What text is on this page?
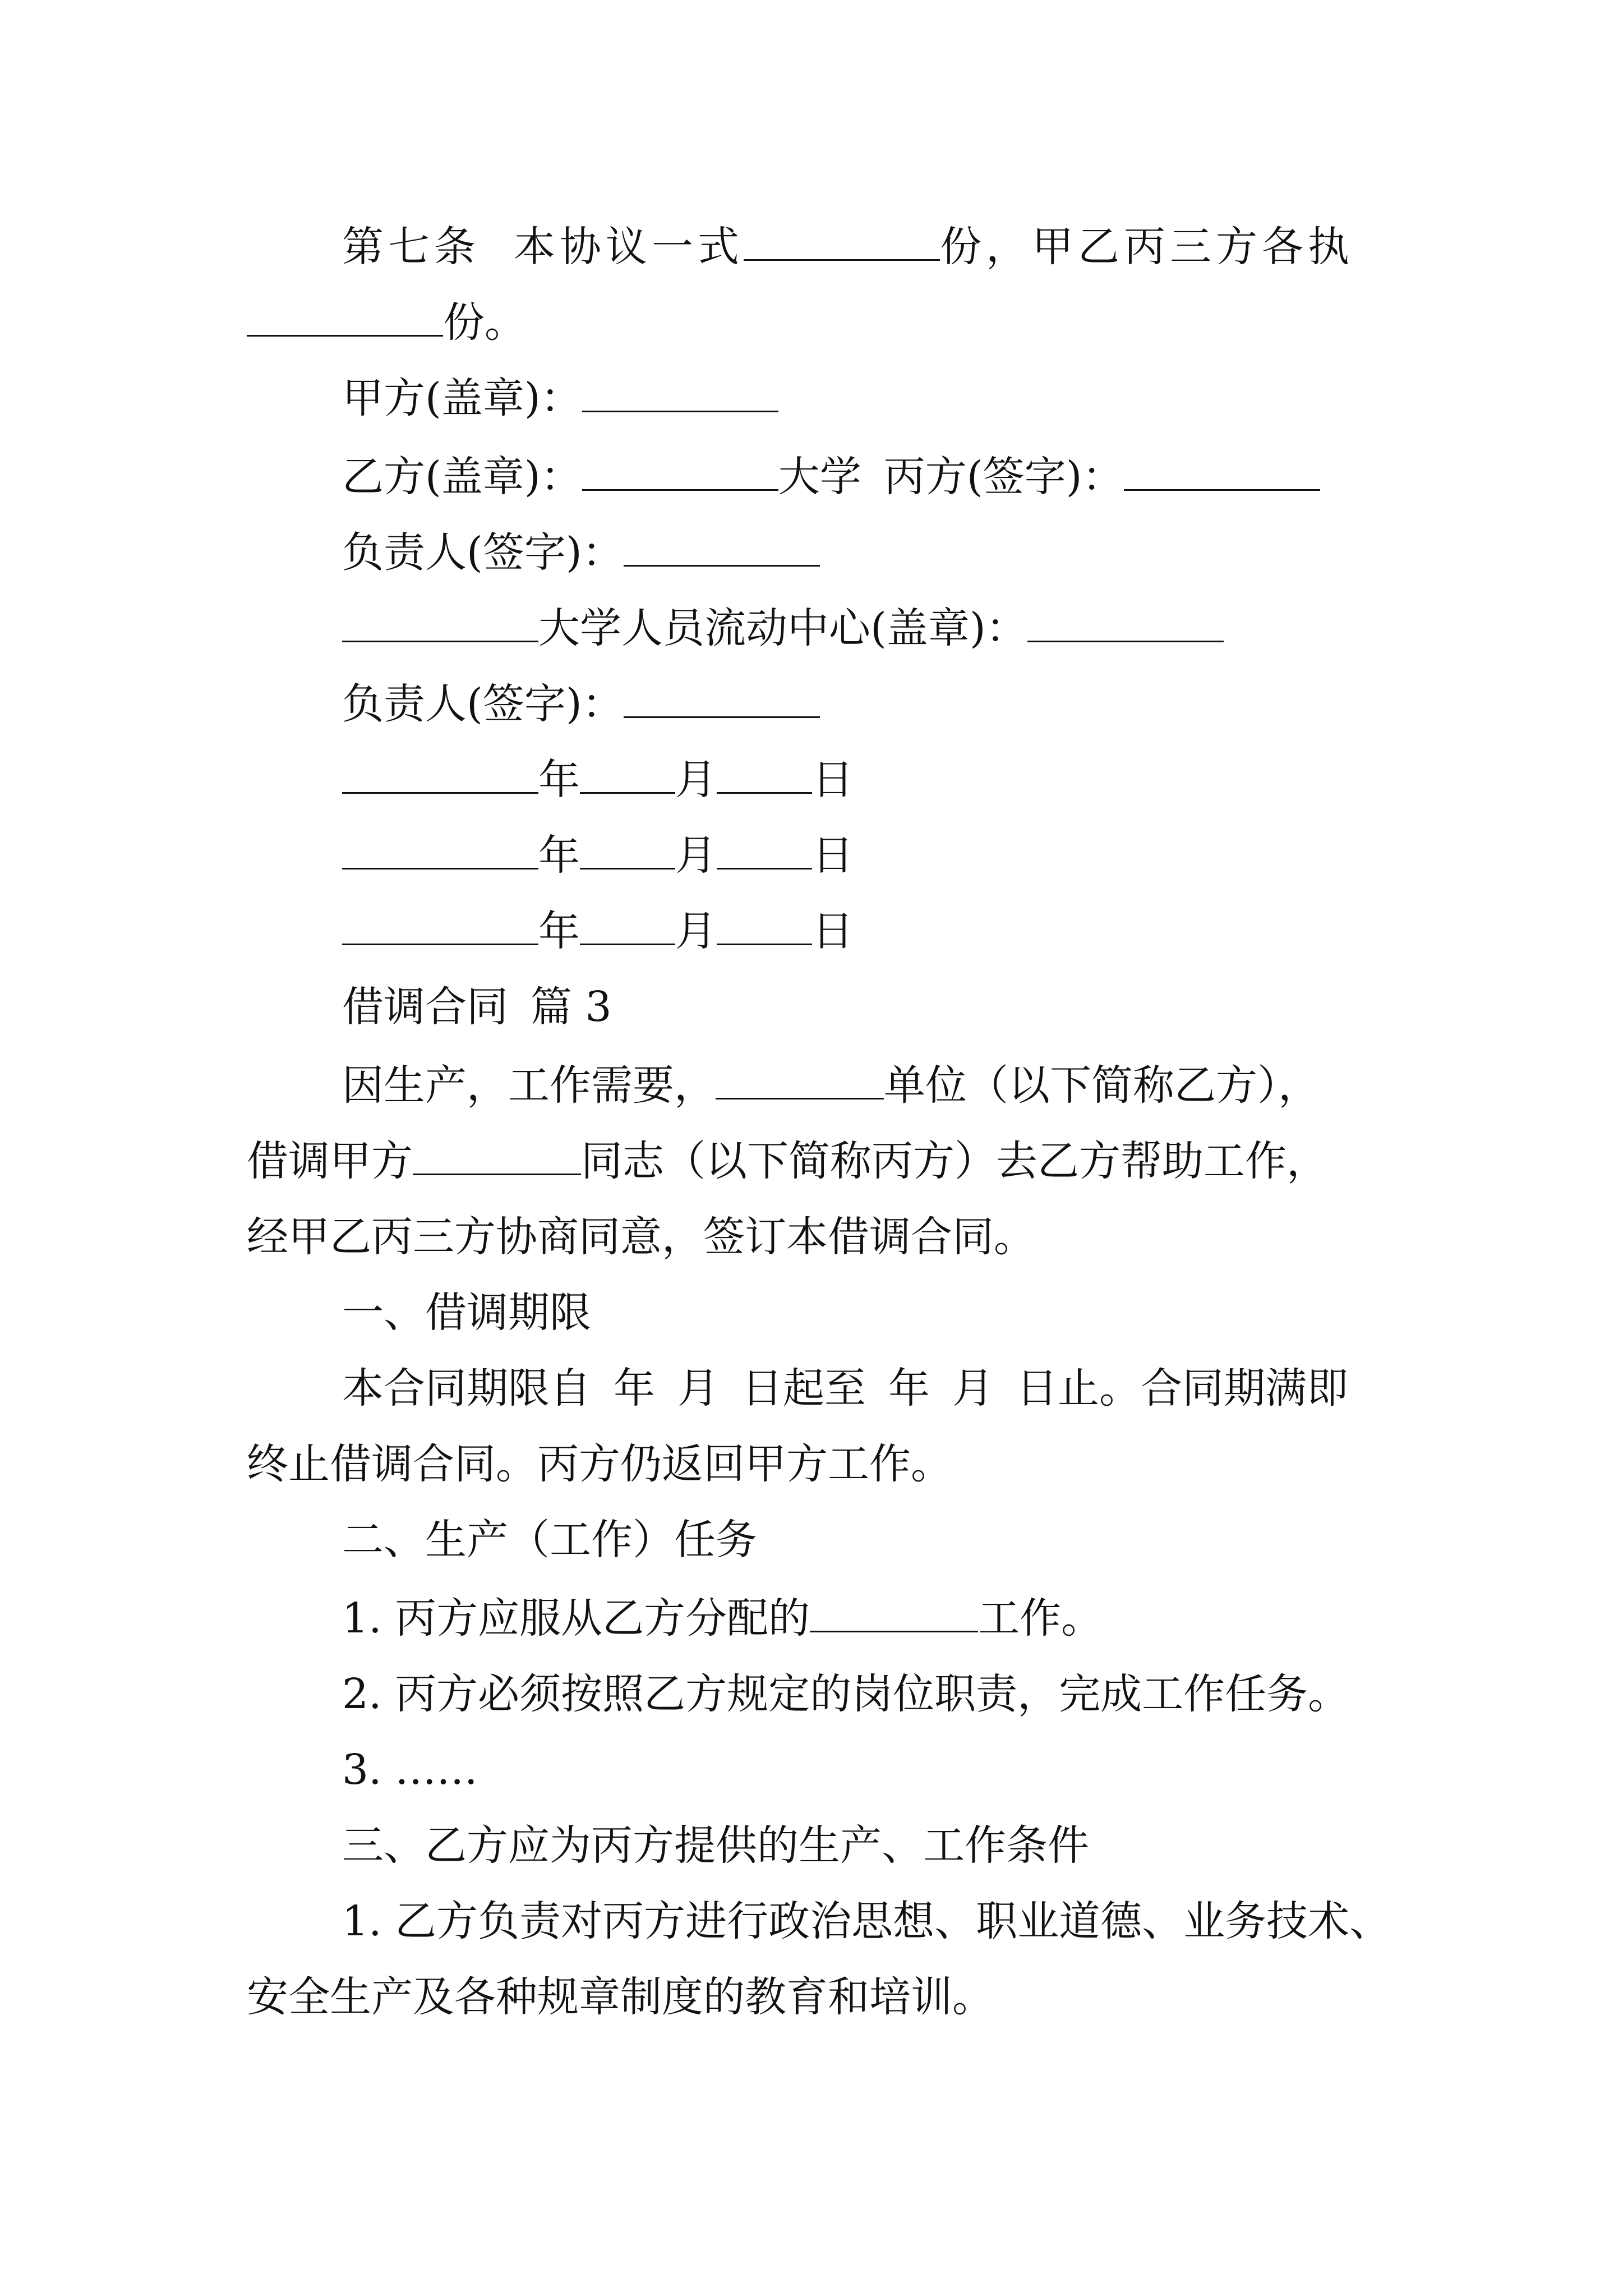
第七条 本协议一式	份，甲乙丙三方各执
份。
甲方(盖章)：
乙方(盖章)：	大学 丙方(签字)：
负责人(签字)：
大学人员流动中心(盖章)：
负责人(签字)：
年 月 日
年 月 日
年 月 日
借调合同 篇 3
因生产，工作需要，	单位（以下简称乙方），
借调甲方	同志（以下简称丙方）去乙方帮助工作，
经甲乙丙三方协商同意，签订本借调合同。
一、借调期限
本合同期限自 年 月 日起至 年 月 日止。合同期满即
终止借调合同。丙方仍返回甲方工作。
二、生产（工作）任务
1. 丙方应服从乙方分配的	工作。
2. 丙方必须按照乙方规定的岗位职责，完成工作任务。
3. ……
三、乙方应为丙方提供的生产、工作条件
1. 乙方负责对丙方进行政治思想、职业道德、业务技术、
安全生产及各种规章制度的教育和培训。
